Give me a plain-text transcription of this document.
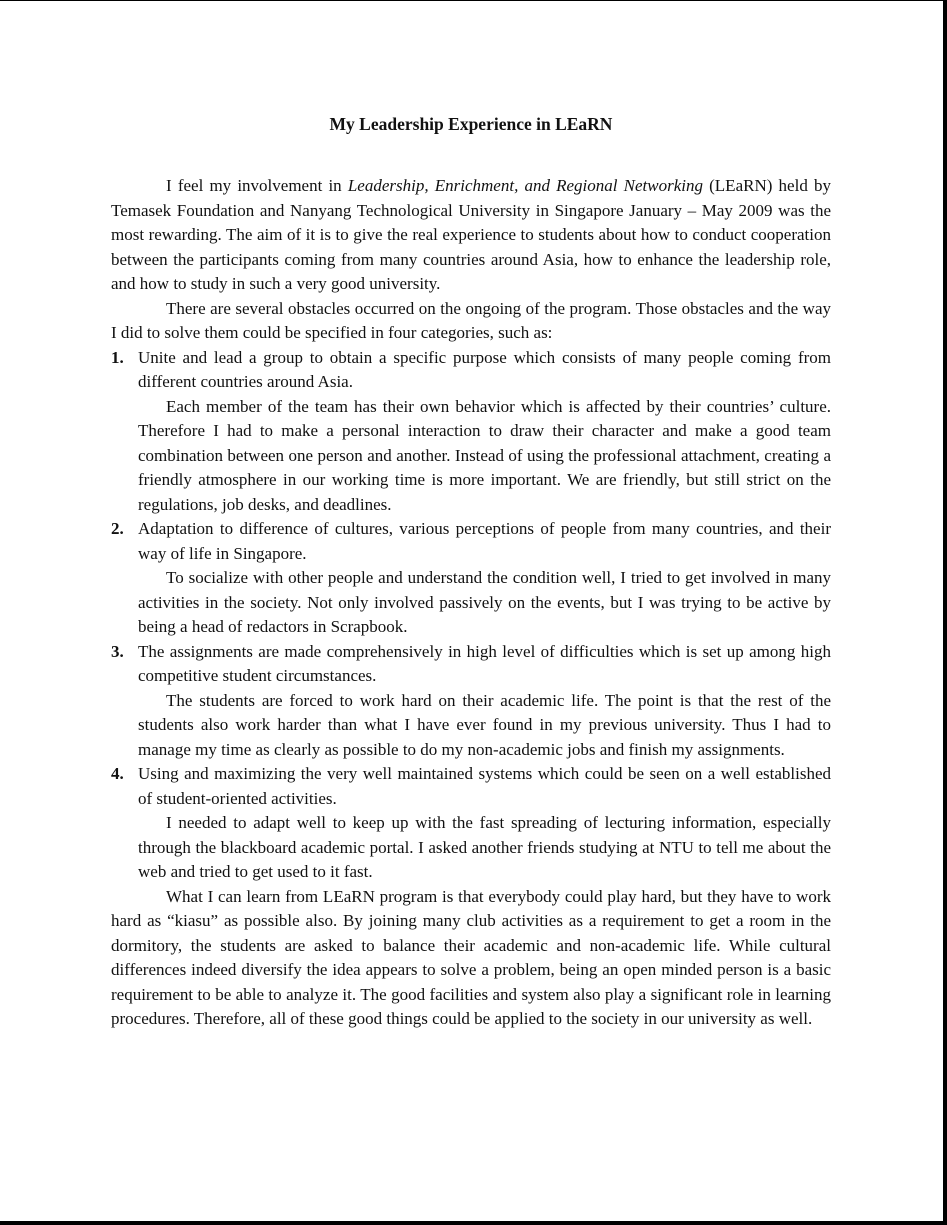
My Leadership Experience in LEaRN

I feel my involvement in Leadership, Enrichment, and Regional Networking (LEaRN) held by Temasek Foundation and Nanyang Technological University in Singapore January – May 2009 was the most rewarding. The aim of it is to give the real experience to students about how to conduct cooperation between the participants coming from many countries around Asia, how to enhance the leadership role, and how to study in such a very good university.

There are several obstacles occurred on the ongoing of the program. Those obstacles and the way I did to solve them could be specified in four categories, such as:

1. Unite and lead a group to obtain a specific purpose which consists of many people coming from different countries around Asia.

Each member of the team has their own behavior which is affected by their countries’ culture. Therefore I had to make a personal interaction to draw their character and make a good team combination between one person and another. Instead of using the professional attachment, creating a friendly atmosphere in our working time is more important. We are friendly, but still strict on the regulations, job desks, and deadlines.

2. Adaptation to difference of cultures, various perceptions of people from many countries, and their way of life in Singapore.

To socialize with other people and understand the condition well, I tried to get involved in many activities in the society. Not only involved passively on the events, but I was trying to be active by being a head of redactors in Scrapbook.

3. The assignments are made comprehensively in high level of difficulties which is set up among high competitive student circumstances.

The students are forced to work hard on their academic life. The point is that the rest of the students also work harder than what I have ever found in my previous university. Thus I had to manage my time as clearly as possible to do my non-academic jobs and finish my assignments.

4. Using and maximizing the very well maintained systems which could be seen on a well established of student-oriented activities.

I needed to adapt well to keep up with the fast spreading of lecturing information, especially through the blackboard academic portal. I asked another friends studying at NTU to tell me about the web and tried to get used to it fast.

What I can learn from LEaRN program is that everybody could play hard, but they have to work hard as “kiasu” as possible also. By joining many club activities as a requirement to get a room in the dormitory, the students are asked to balance their academic and non-academic life. While cultural differences indeed diversify the idea appears to solve a problem, being an open minded person is a basic requirement to be able to analyze it. The good facilities and system also play a significant role in learning procedures. Therefore, all of these good things could be applied to the society in our university as well.
